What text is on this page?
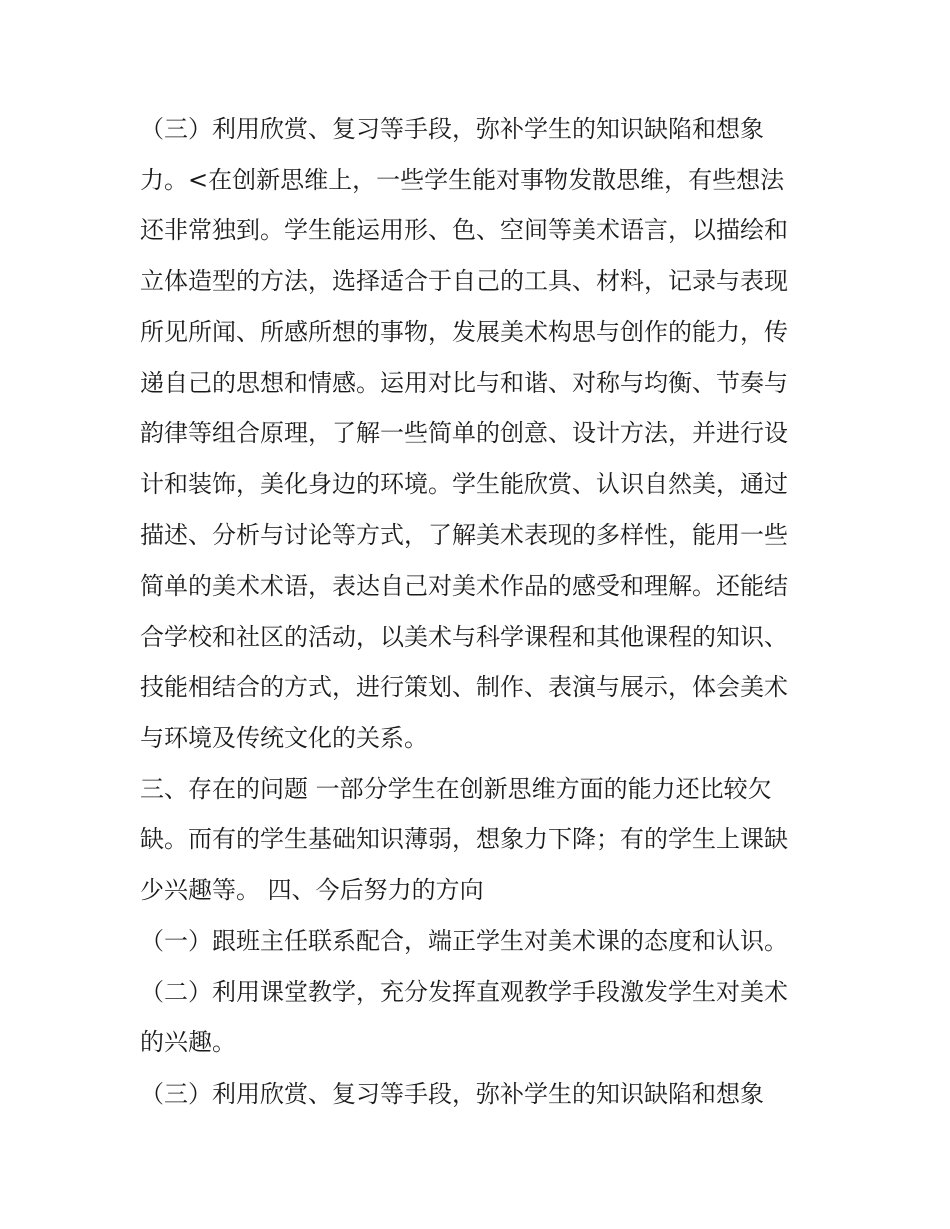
（三）利用欣赏、复习等手段，弥补学生的知识缺陷和想象
力。<在创新思维上，一些学生能对事物发散思维，有些想法
还非常独到。学生能运用形、色、空间等美术语言，以描绘和
立体造型的方法，选择适合于自己的工具、材料，记录与表现
所见所闻、所感所想的事物，发展美术构思与创作的能力，传
递自己的思想和情感。运用对比与和谐、对称与均衡、节奏与
韵律等组合原理，了解一些简单的创意、设计方法，并进行设
计和装饰，美化身边的环境。学生能欣赏、认识自然美，通过
描述、分析与讨论等方式，了解美术表现的多样性，能用一些
简单的美术术语，表达自己对美术作品的感受和理解。还能结
合学校和社区的活动，以美术与科学课程和其他课程的知识、
技能相结合的方式，进行策划、制作、表演与展示，体会美术
与环境及传统文化的关系。
三、存在的问题 一部分学生在创新思维方面的能力还比较欠
缺。而有的学生基础知识薄弱，想象力下降；有的学生上课缺
少兴趣等。 四、今后努力的方向
（一）跟班主任联系配合，端正学生对美术课的态度和认识。
（二）利用课堂教学，充分发挥直观教学手段激发学生对美术
的兴趣。
（三）利用欣赏、复习等手段，弥补学生的知识缺陷和想象
